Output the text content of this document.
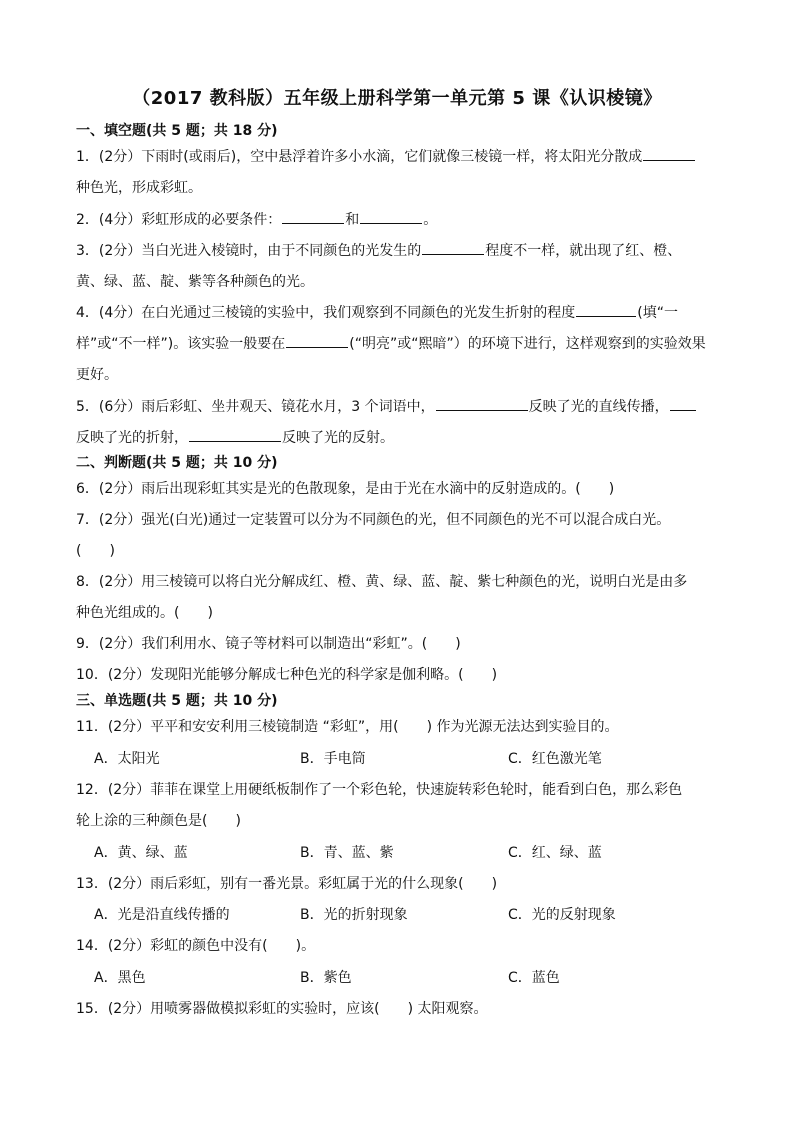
（2017 教科版）五年级上册科学第一单元第 5 课《认识棱镜》
一、填空题(共 5 题；共 18 分)
1．(2分）下雨时(或雨后)，空中悬浮着许多小水滴，它们就像三棱镜一样，将太阳光分散成
种色光，形成彩虹。
2．(4分）彩虹形成的必要条件：	和	。
3．(2分）当白光进入棱镜时，由于不同颜色的光发生的	程度不一样，就出现了红、橙、
黄、绿、蓝、靛、紫等各种颜色的光。
4．(4分）在白光通过三棱镜的实验中，我们观察到不同颜色的光发生折射的程度	(填“一
样”或“不一样”)。该实验一般要在	(“明亮”或“熙暗”）的环境下进行，这样观察到的实验效果
更好。
5．(6分）雨后彩虹、坐井观天、镜花水月，3 个词语中，	反映了光的直线传播，
反映了光的折射，	反映了光的反射。
二、判断题(共 5 题；共 10 分)
6．(2分）雨后出现彩虹其实是光的色散现象，是由于光在水滴中的反射造成的。(　　)
7．(2分）强光(白光)通过一定装置可以分为不同颜色的光，但不同颜色的光不可以混合成白光。
(　　)
8．(2分）用三棱镜可以将白光分解成红、橙、黄、绿、蓝、靛、紫七种颜色的光，说明白光是由多
种色光组成的。(　　)
9．(2分）我们利用水、镜子等材料可以制造出“彩虹”。(　　)
10．(2分）发现阳光能够分解成七种色光的科学家是伽利略。(　　)
三、单选题(共 5 题；共 10 分)
11．(2分）平平和安安利用三棱镜制造 “彩虹”，用(　　) 作为光源无法达到实验目的。
A．太阳光	B．手电筒	C．红色激光笔
12．(2分）菲菲在课堂上用硬纸板制作了一个彩色轮，快速旋转彩色轮时，能看到白色，那么彩色
轮上涂的三种颜色是(　　)
A．黄、绿、蓝	B．青、蓝、紫	C．红、绿、蓝
13．(2分）雨后彩虹，别有一番光景。彩虹属于光的什么现象(　　)
A．光是沿直线传播的	B．光的折射现象	C．光的反射现象
14．(2分）彩虹的颜色中没有(　　)。
A．黑色	B．紫色	C．蓝色
15．(2分）用喷雾器做模拟彩虹的实验时，应该(　　) 太阳观察。
